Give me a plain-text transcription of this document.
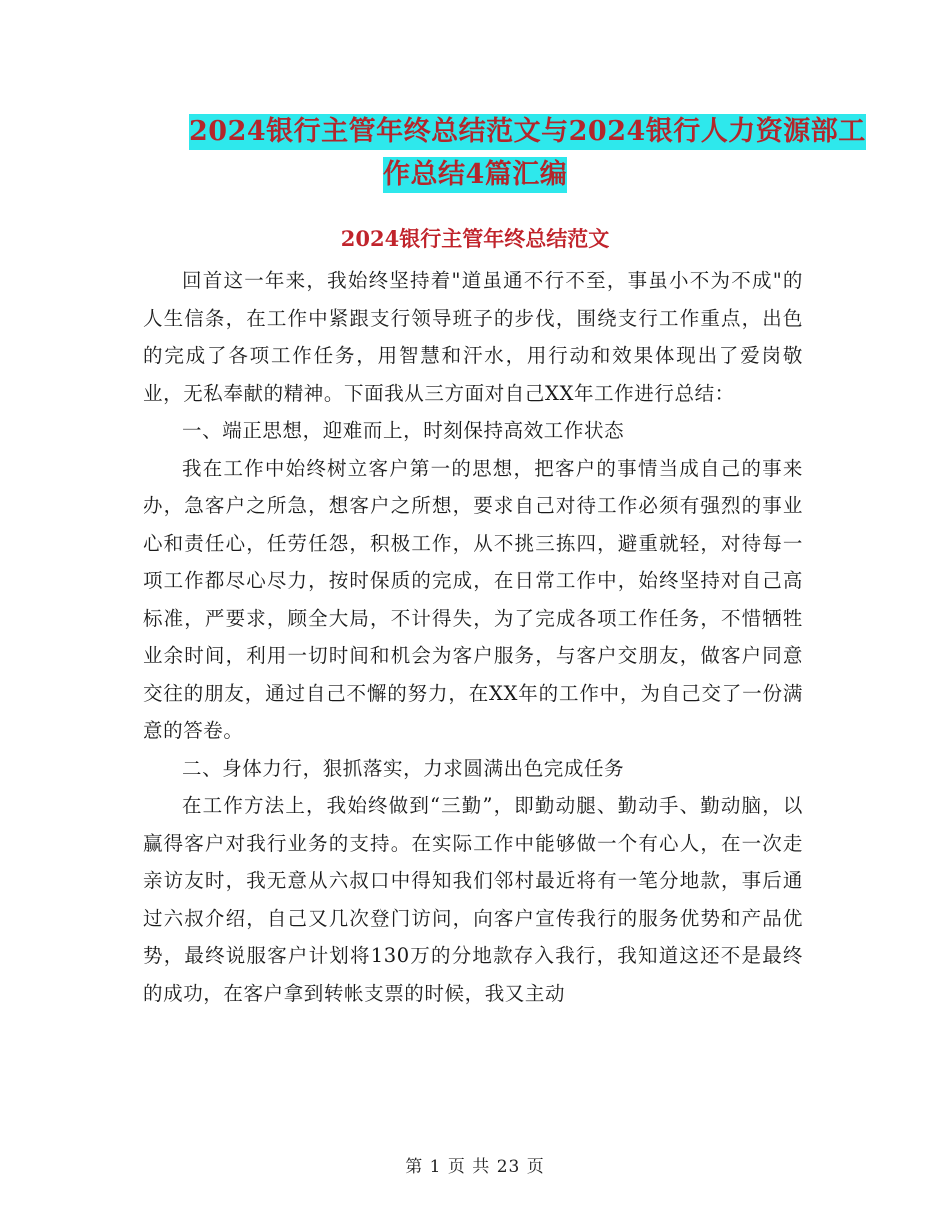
2024银行主管年终总结范文与2024银行人力资源部工
作总结4篇汇编
2024银行主管年终总结范文

回首这一年来，我始终坚持着"道虽通不行不至，事虽小不为不成"的人生信条，在工作中紧跟支行领导班子的步伐，围绕支行工作重点，出色的完成了各项工作任务，用智慧和汗水，用行动和效果体现出了爱岗敬业，无私奉献的精神。下面我从三方面对自己XX年工作进行总结：

一、端正思想，迎难而上，时刻保持高效工作状态

我在工作中始终树立客户第一的思想，把客户的事情当成自己的事来办，急客户之所急，想客户之所想，要求自己对待工作必须有强烈的事业心和责任心，任劳任怨，积极工作，从不挑三拣四，避重就轻，对待每一项工作都尽心尽力，按时保质的完成，在日常工作中，始终坚持对自己高标准，严要求，顾全大局，不计得失，为了完成各项工作任务，不惜牺牲业余时间，利用一切时间和机会为客户服务，与客户交朋友，做客户同意交往的朋友，通过自己不懈的努力，在XX年的工作中，为自己交了一份满意的答卷。

二、身体力行，狠抓落实，力求圆满出色完成任务

在工作方法上，我始终做到“三勤”，即勤动腿、勤动手、勤动脑，以赢得客户对我行业务的支持。在实际工作中能够做一个有心人，在一次走亲访友时，我无意从六叔口中得知我们邻村最近将有一笔分地款，事后通过六叔介绍，自己又几次登门访问，向客户宣传我行的服务优势和产品优势，最终说服客户计划将130万的分地款存入我行，我知道这还不是最终的成功，在客户拿到转帐支票的时候，我又主动

第 1 页 共 23 页
